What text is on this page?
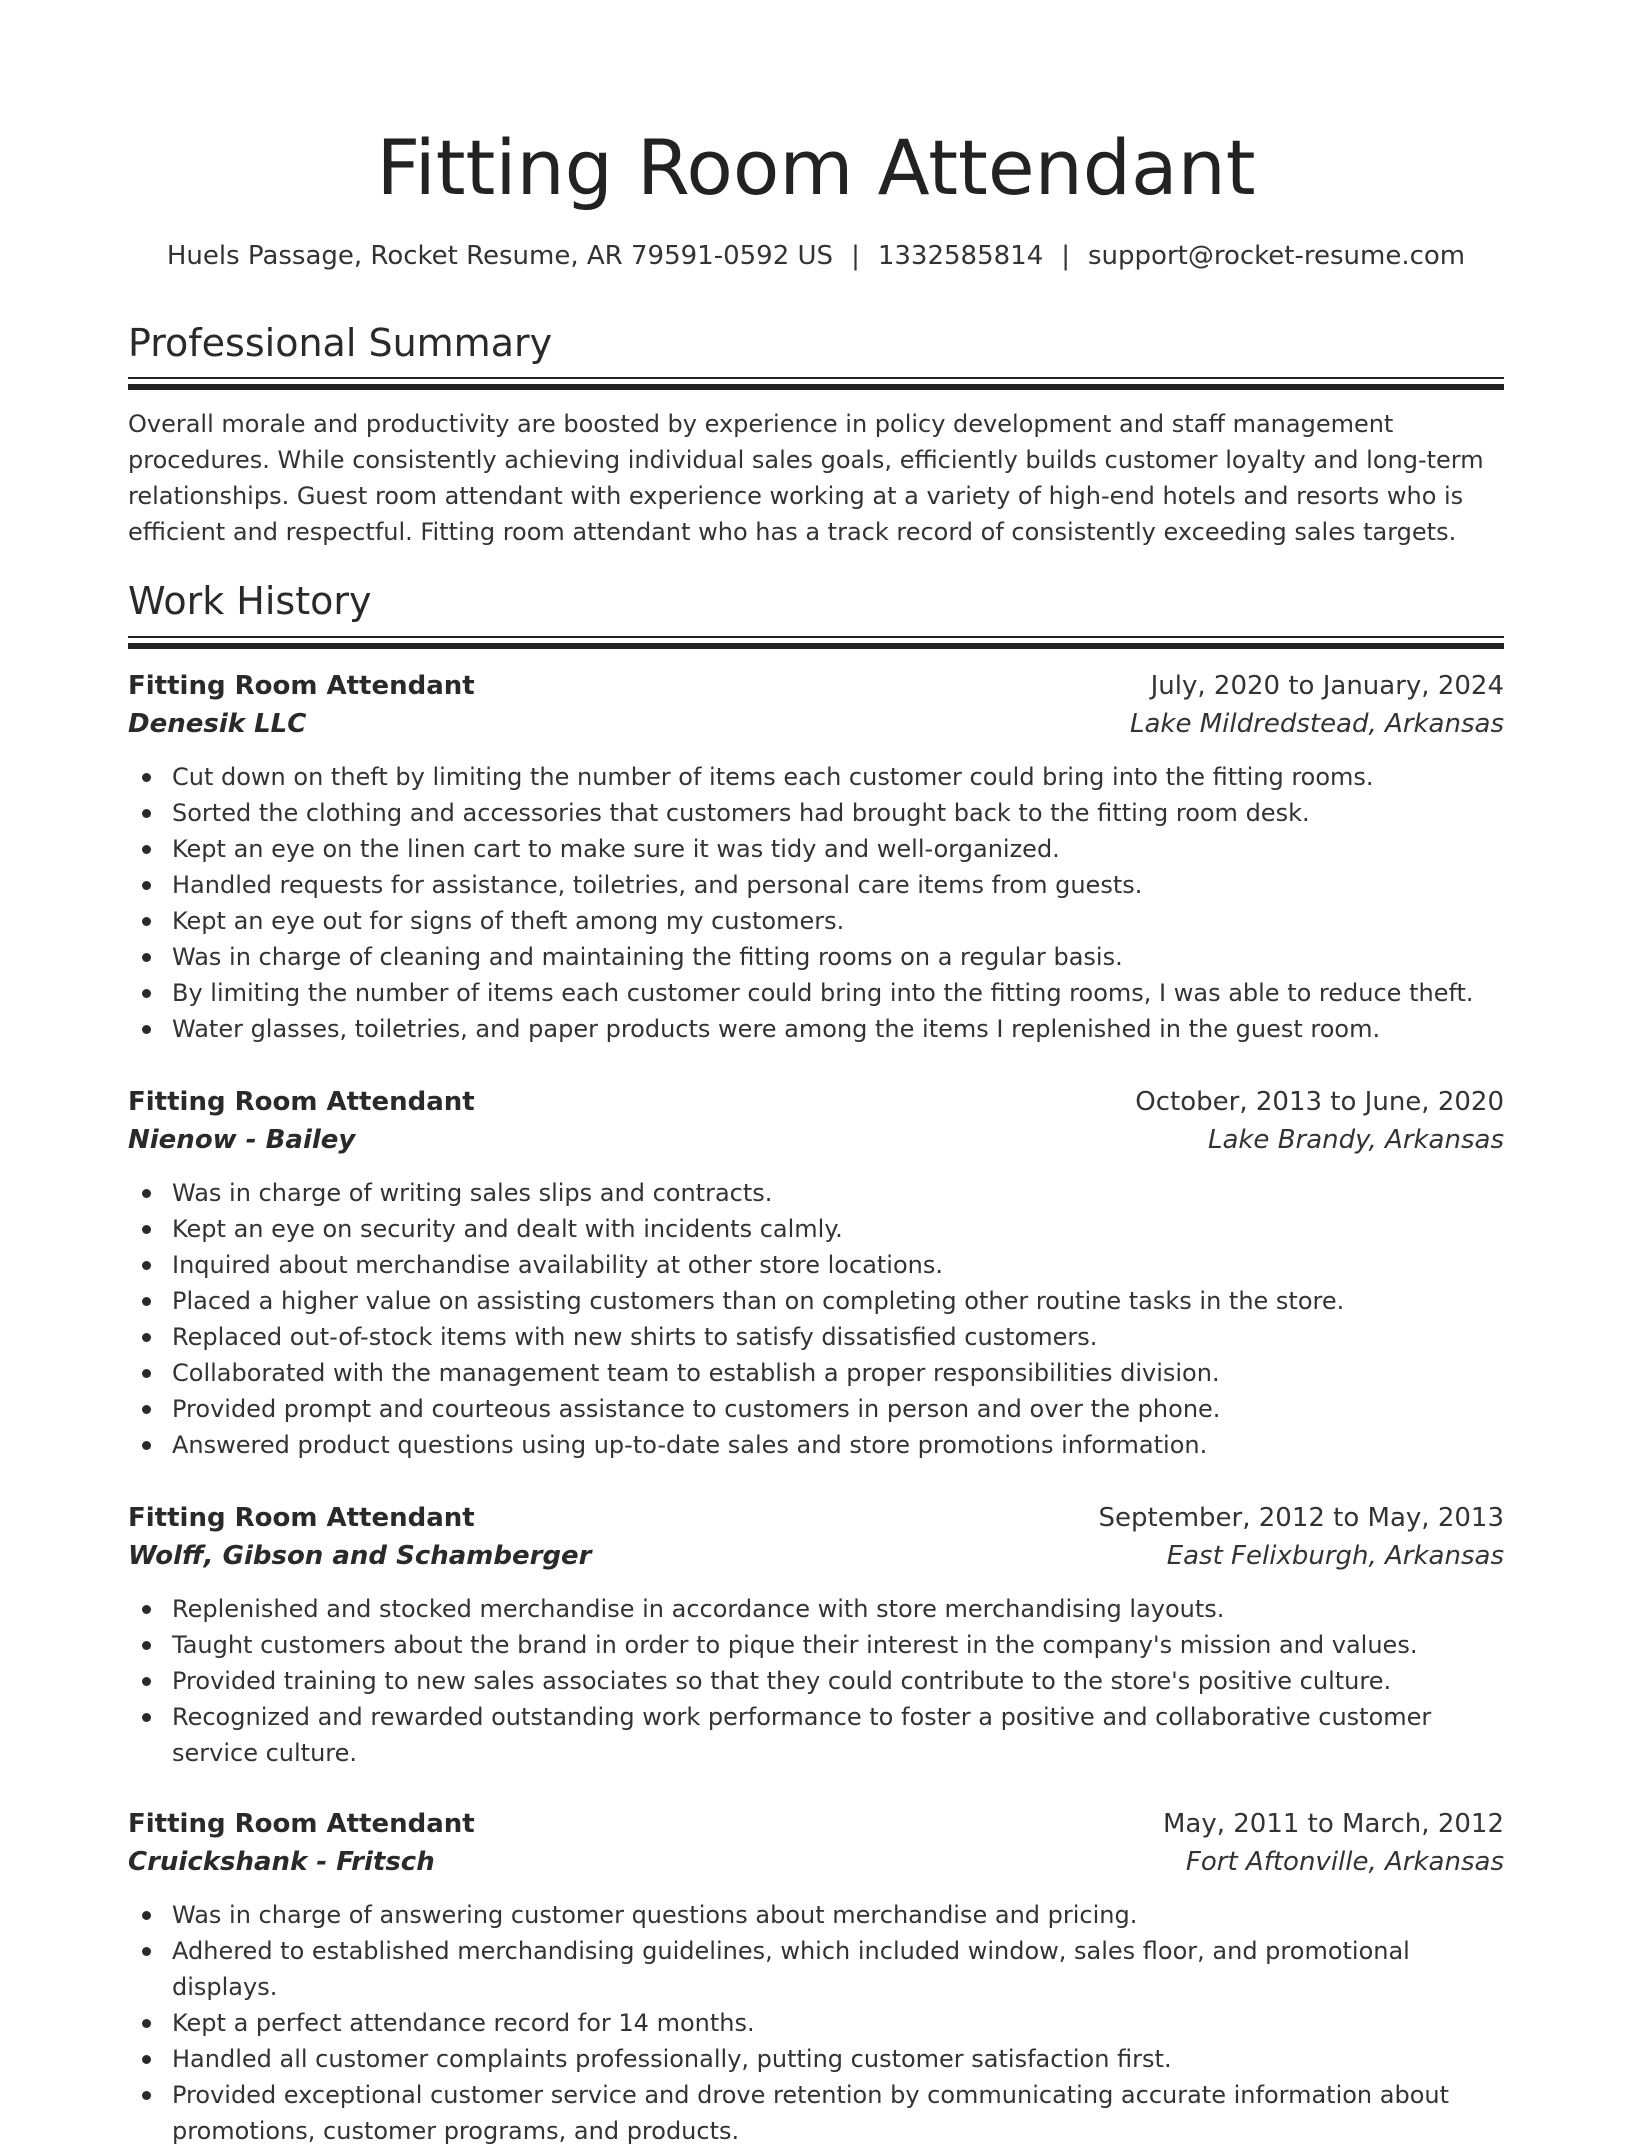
Fitting Room Attendant
Huels Passage, Rocket Resume, AR 79591-0592 US | 1332585814 | support@rocket-resume.com
Professional Summary

Overall morale and productivity are boosted by experience in policy development and staff management procedures. While consistently achieving individual sales goals, efficiently builds customer loyalty and long-term relationships. Guest room attendant with experience working at a variety of high-end hotels and resorts who is efficient and respectful. Fitting room attendant who has a track record of consistently exceeding sales targets.

Work History
Fitting Room Attendant	July, 2020 to January, 2024
Denesik LLC	Lake Mildredstead, Arkansas
Cut down on theft by limiting the number of items each customer could bring into the fitting rooms.
Sorted the clothing and accessories that customers had brought back to the fitting room desk.
Kept an eye on the linen cart to make sure it was tidy and well-organized.
Handled requests for assistance, toiletries, and personal care items from guests.
Kept an eye out for signs of theft among my customers.
Was in charge of cleaning and maintaining the fitting rooms on a regular basis.
By limiting the number of items each customer could bring into the fitting rooms, I was able to reduce theft.
Water glasses, toiletries, and paper products were among the items I replenished in the guest room.
Fitting Room Attendant	October, 2013 to June, 2020
Nienow - Bailey	Lake Brandy, Arkansas
Was in charge of writing sales slips and contracts.
Kept an eye on security and dealt with incidents calmly.
Inquired about merchandise availability at other store locations.
Placed a higher value on assisting customers than on completing other routine tasks in the store.
Replaced out-of-stock items with new shirts to satisfy dissatisfied customers.
Collaborated with the management team to establish a proper responsibilities division.
Provided prompt and courteous assistance to customers in person and over the phone.
Answered product questions using up-to-date sales and store promotions information.
Fitting Room Attendant	September, 2012 to May, 2013
Wolff, Gibson and Schamberger	East Felixburgh, Arkansas
Replenished and stocked merchandise in accordance with store merchandising layouts.
Taught customers about the brand in order to pique their interest in the company's mission and values.
Provided training to new sales associates so that they could contribute to the store's positive culture.
Recognized and rewarded outstanding work performance to foster a positive and collaborative customer service culture.
Fitting Room Attendant	May, 2011 to March, 2012
Cruickshank - Fritsch	Fort Aftonville, Arkansas
Was in charge of answering customer questions about merchandise and pricing.
Adhered to established merchandising guidelines, which included window, sales floor, and promotional displays.
Kept a perfect attendance record for 14 months.
Handled all customer complaints professionally, putting customer satisfaction first.
Provided exceptional customer service and drove retention by communicating accurate information about promotions, customer programs, and products.
